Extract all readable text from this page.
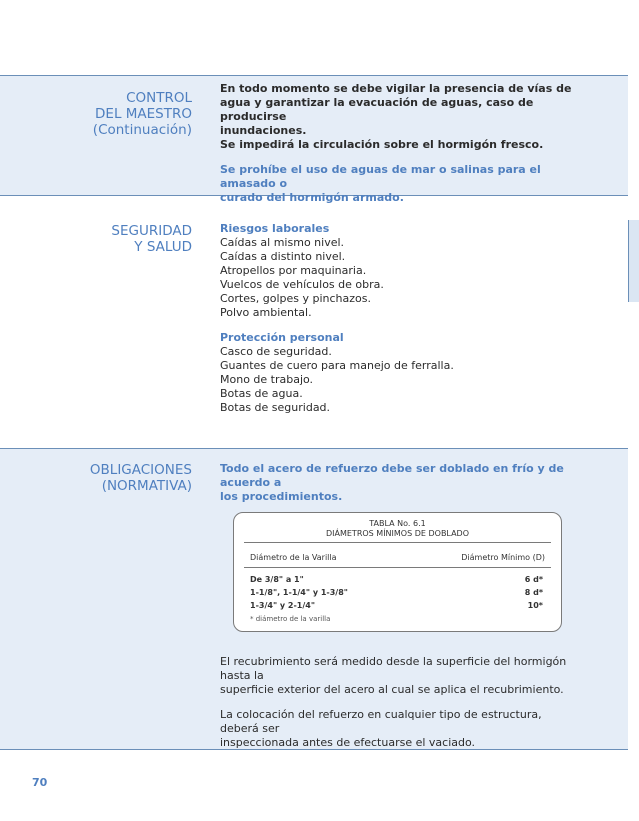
CONTROL
DEL MAESTRO
(Continuación)
En todo momento se debe vigilar la presencia de vías de
agua y garantizar la evacuación de aguas, caso de producirse
inundaciones.
Se impedirá la circulación sobre el hormigón fresco.
Se prohíbe el uso de aguas de mar o salinas para el amasado o
curado del hormigón armado.
SEGURIDAD
Y SALUD
Riesgos laborales
Caídas al mismo nivel.
Caídas a distinto nivel.
Atropellos por maquinaria.
Vuelcos de vehículos de obra.
Cortes, golpes y pinchazos.
Polvo ambiental.
Protección personal
Casco de seguridad.
Guantes de cuero para manejo de ferralla.
Mono de trabajo.
Botas de agua.
Botas de seguridad.
OBLIGACIONES
(NORMATIVA)
Todo el acero de refuerzo debe ser doblado en frío y de acuerdo a
los procedimientos.
TABLA No. 6.1
DIÁMETROS MÍNIMOS DE DOBLADO
Diámetro de la Varilla	Diámetro Mínimo (D)
De 3/8" a 1"	6 d*
1-1/8", 1-1/4" y 1-3/8"	8 d*
1-3/4" y 2-1/4"	10*
* diámetro de la varilla
El recubrimiento será medido desde la superficie del hormigón hasta la
superficie exterior del acero al cual se aplica el recubrimiento.
La colocación del refuerzo en cualquier tipo de estructura, deberá ser
inspeccionada antes de efectuarse el vaciado.
70
